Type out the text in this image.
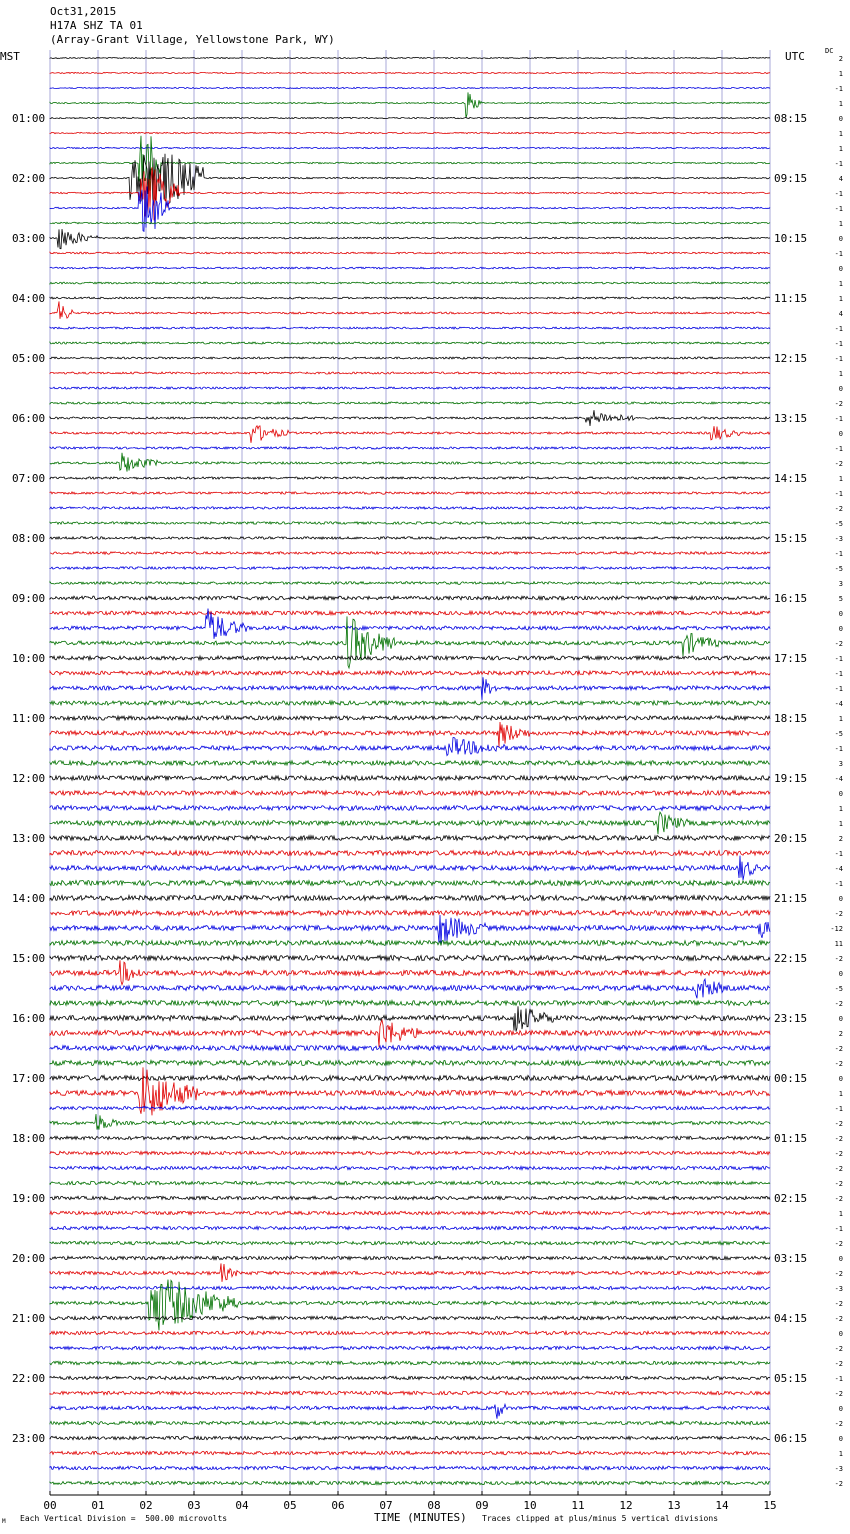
Oct31,2015
H17A SHZ TA 01
(Array-Grant Village, Yellowstone Park, WY)
MST	UTC	DC
01:00
02:00
03:00
04:00
05:00
06:00
07:00
08:00
09:00
10:00
11:00
12:00
13:00
14:00
15:00
16:00
17:00
18:00
19:00
20:00
21:00
22:00
23:00
08:15
09:15
10:15
11:15
12:15
13:15
14:15
15:15
16:15
17:15
18:15
19:15
20:15
21:15
22:15
23:15
00:15
01:15
02:15
03:15
04:15
05:15
06:15
2
1
-1
1
0
1
1
-1
4
-1
-1
1
0
-1
0
1
1
4
-1
-1
-1
1
0
-2
-1
0
-1
-2
1
-1
-2
-5
-3
-1
-5
3
5
0
0
-2
-1
-1
-1
-4
1
-5
-1
3
-4
0
1
1
2
-1
-4
-1
0
-2
-12
11
-2
0
-5
-2
0
2
-2
-2
0
1
-1
-2
-2
-2
-2
-2
-2
1
-1
-2
0
-2
-3
-2
-2
0
-2
-2
-1
-2
0
-2
0
1
-3
-2
00	01	02	03	04	05	06	07	08	09	10	11	12	13	14	15
M Each Vertical Division =  500.00 microvolts	TIME (MINUTES) Traces clipped at plus/minus 5 vertical divisions
